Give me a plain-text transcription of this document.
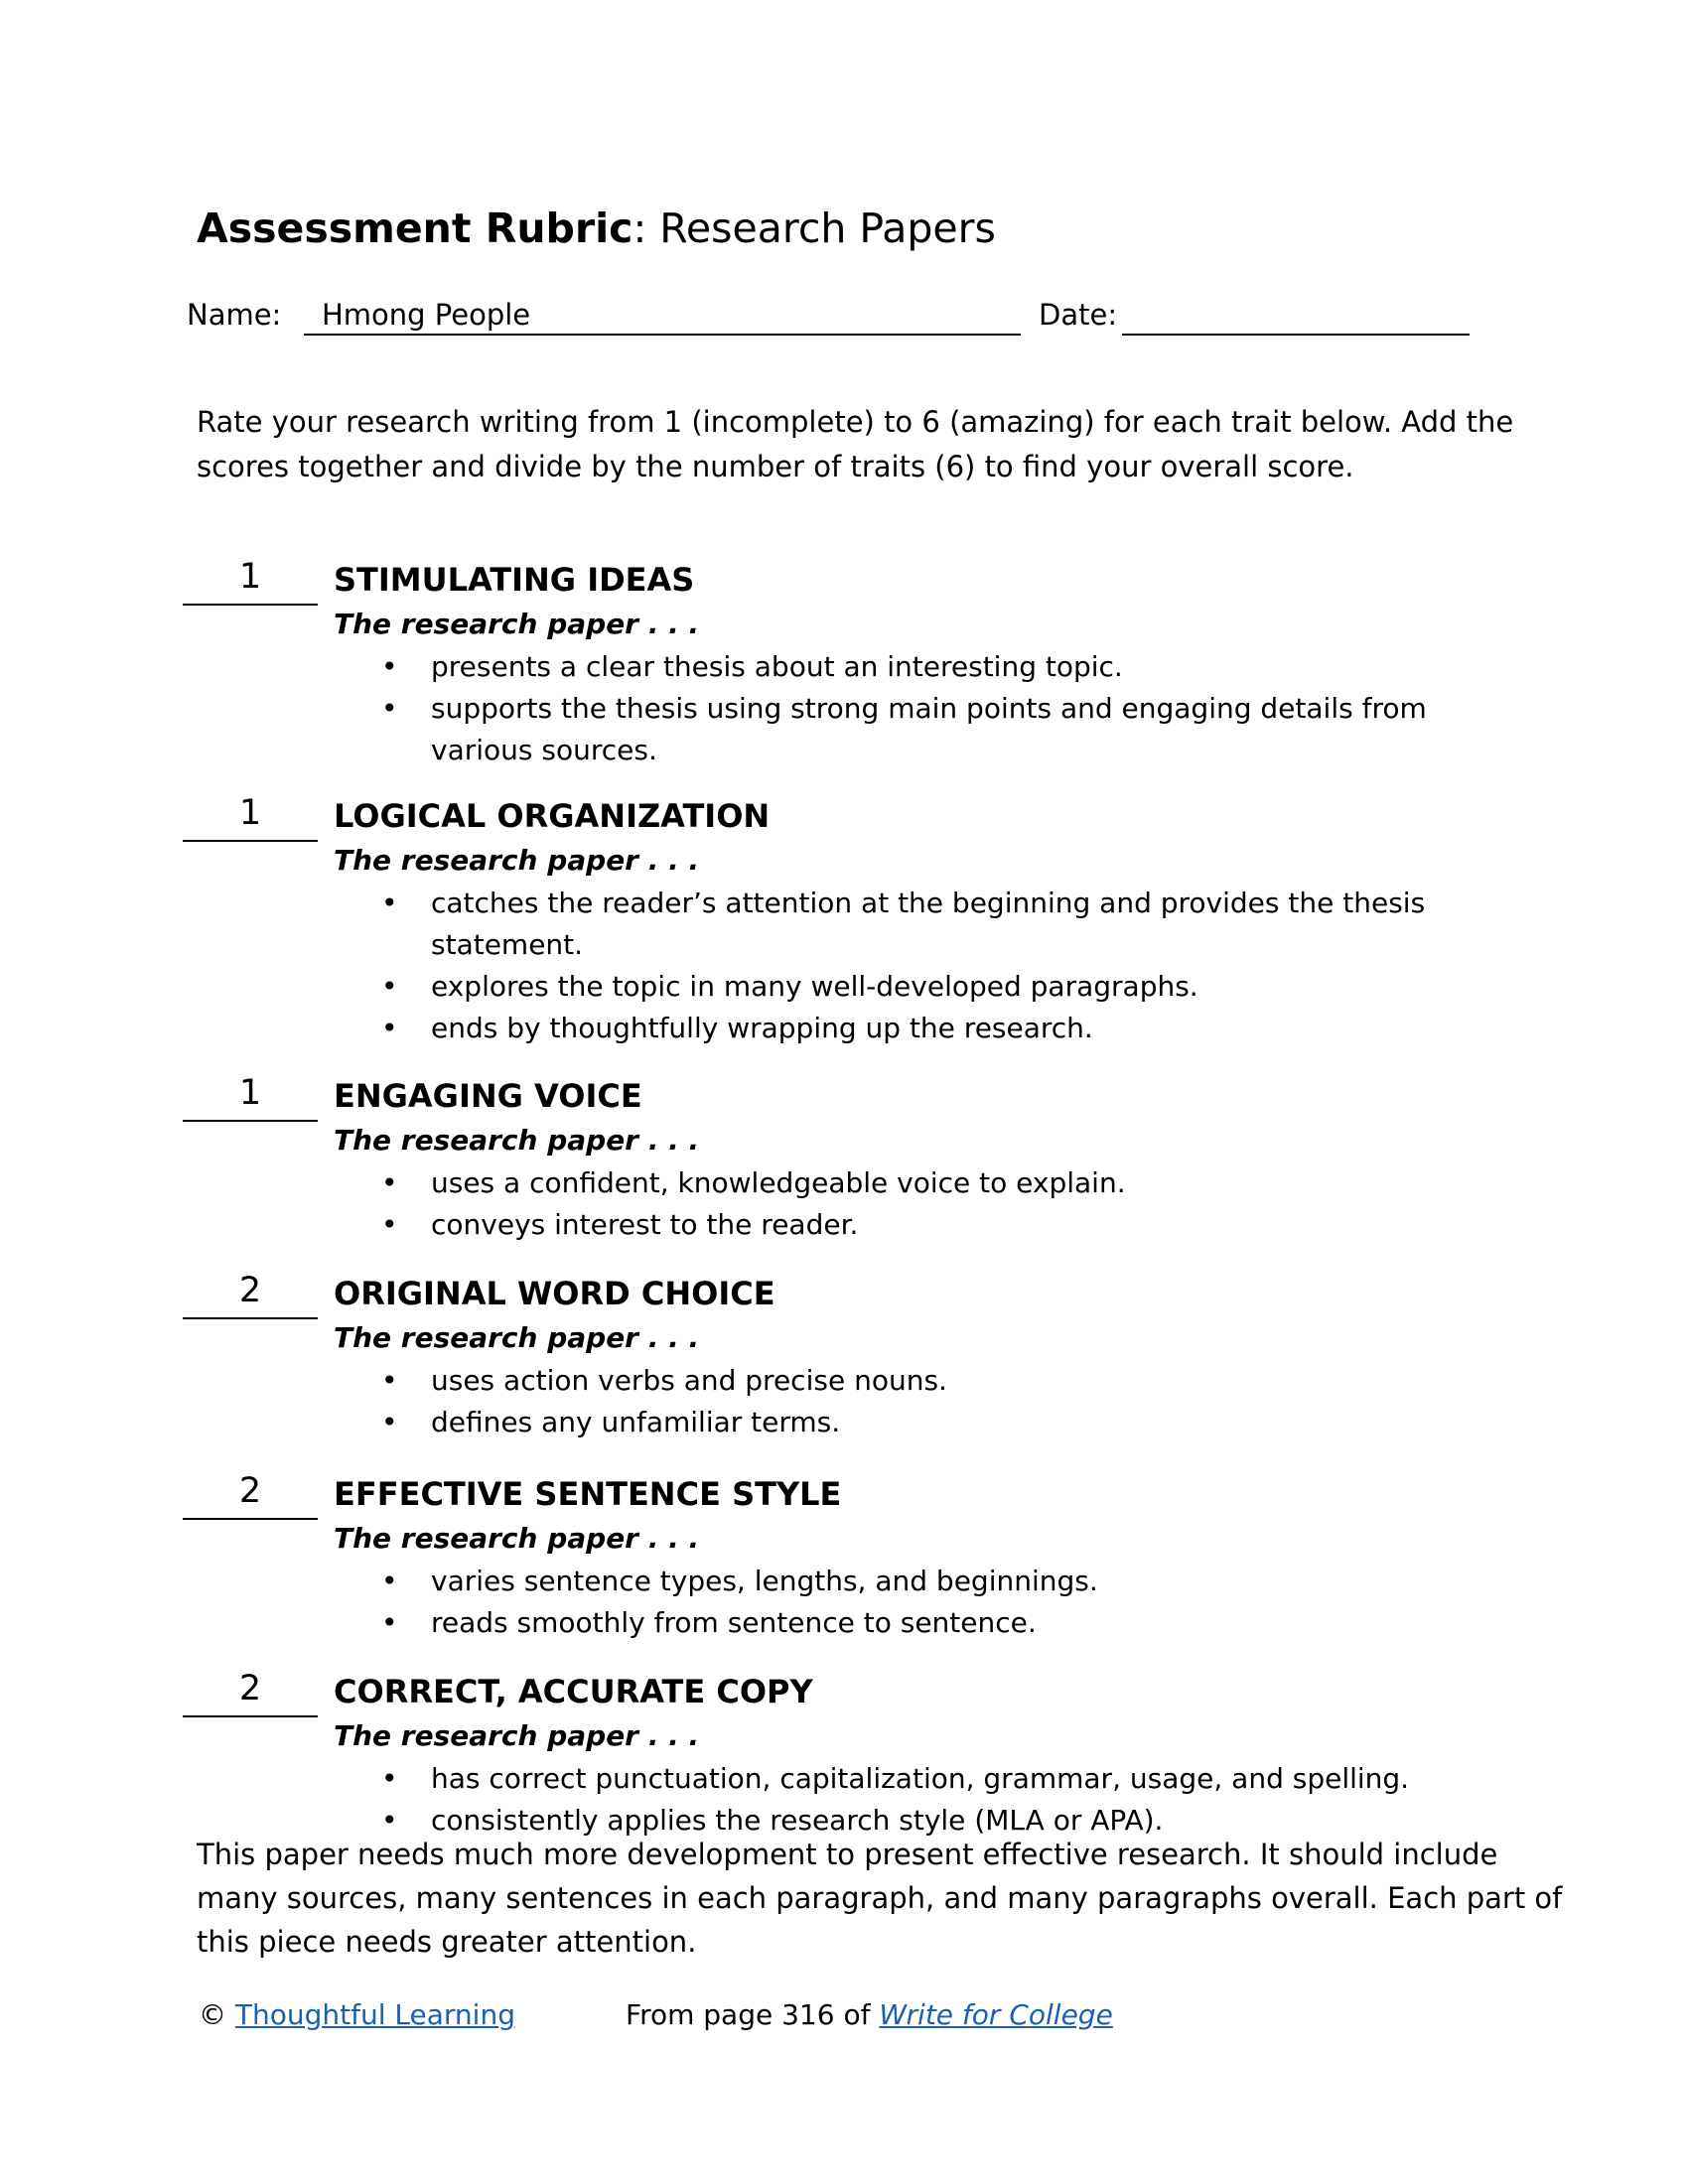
Assessment Rubric: Research Papers
Name: Hmong People	Date:

Rate your research writing from 1 (incomplete) to 6 (amazing) for each trait below. Add the

scores together and divide by the number of traits (6) to find your overall score.

1	STIMULATING IDEAS
The research paper . . .
• presents a clear thesis about an interesting topic.
• supports the thesis using strong main points and engaging details from
various sources.
1	LOGICAL ORGANIZATION
The research paper . . .
• catches the reader’s attention at the beginning and provides the thesis
statement.
• explores the topic in many well-developed paragraphs.
• ends by thoughtfully wrapping up the research.
1	ENGAGING VOICE
The research paper . . .
• uses a confident, knowledgeable voice to explain.
• conveys interest to the reader.
2	ORIGINAL WORD CHOICE
The research paper . . .
• uses action verbs and precise nouns.
• defines any unfamiliar terms.
2	EFFECTIVE SENTENCE STYLE
The research paper . . .
• varies sentence types, lengths, and beginnings.
• reads smoothly from sentence to sentence.
2	CORRECT, ACCURATE COPY
The research paper . . .
• has correct punctuation, capitalization, grammar, usage, and spelling.
• consistently applies the research style (MLA or APA).

This paper needs much more development to present effective research. It should include

many sources, many sentences in each paragraph, and many paragraphs overall. Each part of

this piece needs greater attention.

© Thoughtful Learning	From page 316 of Write for College
